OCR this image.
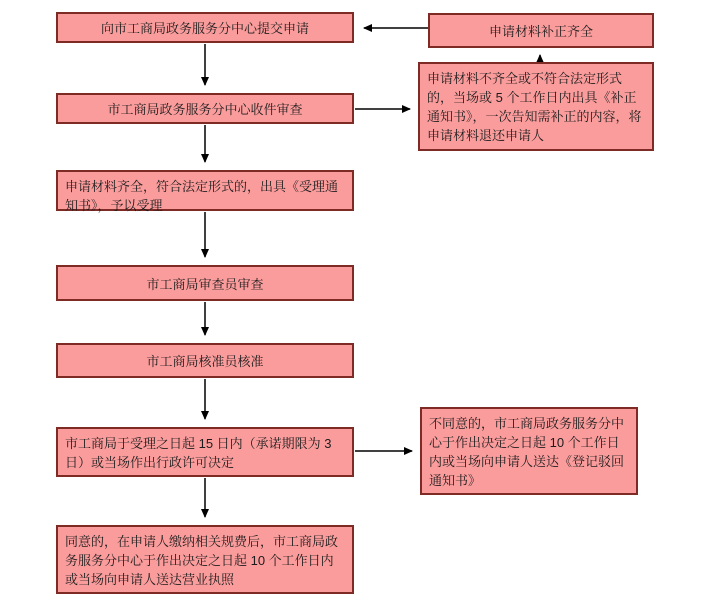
向市工商局政务服务分中心提交申请	申请材料补正齐全
市工商局政务服务分中心收件审查
申请材料不齐全或不符合法定形式的，当场或 5 个工作日内出具《补正通知书》，一次告知需补正的内容，将申请材料退还申请人
申请材料齐全，符合法定形式的，出具《受理通知书》，予以受理
市工商局审查员审查
市工商局核准员核准
市工商局于受理之日起 15 日内（承诺期限为 3 日）或当场作出行政许可决定
不同意的，市工商局政务服务分中心于作出决定之日起 10 个工作日内或当场向申请人送达《登记驳回通知书》
同意的，在申请人缴纳相关规费后，市工商局政务服务分中心于作出决定之日起 10 个工作日内或当场向申请人送达营业执照
